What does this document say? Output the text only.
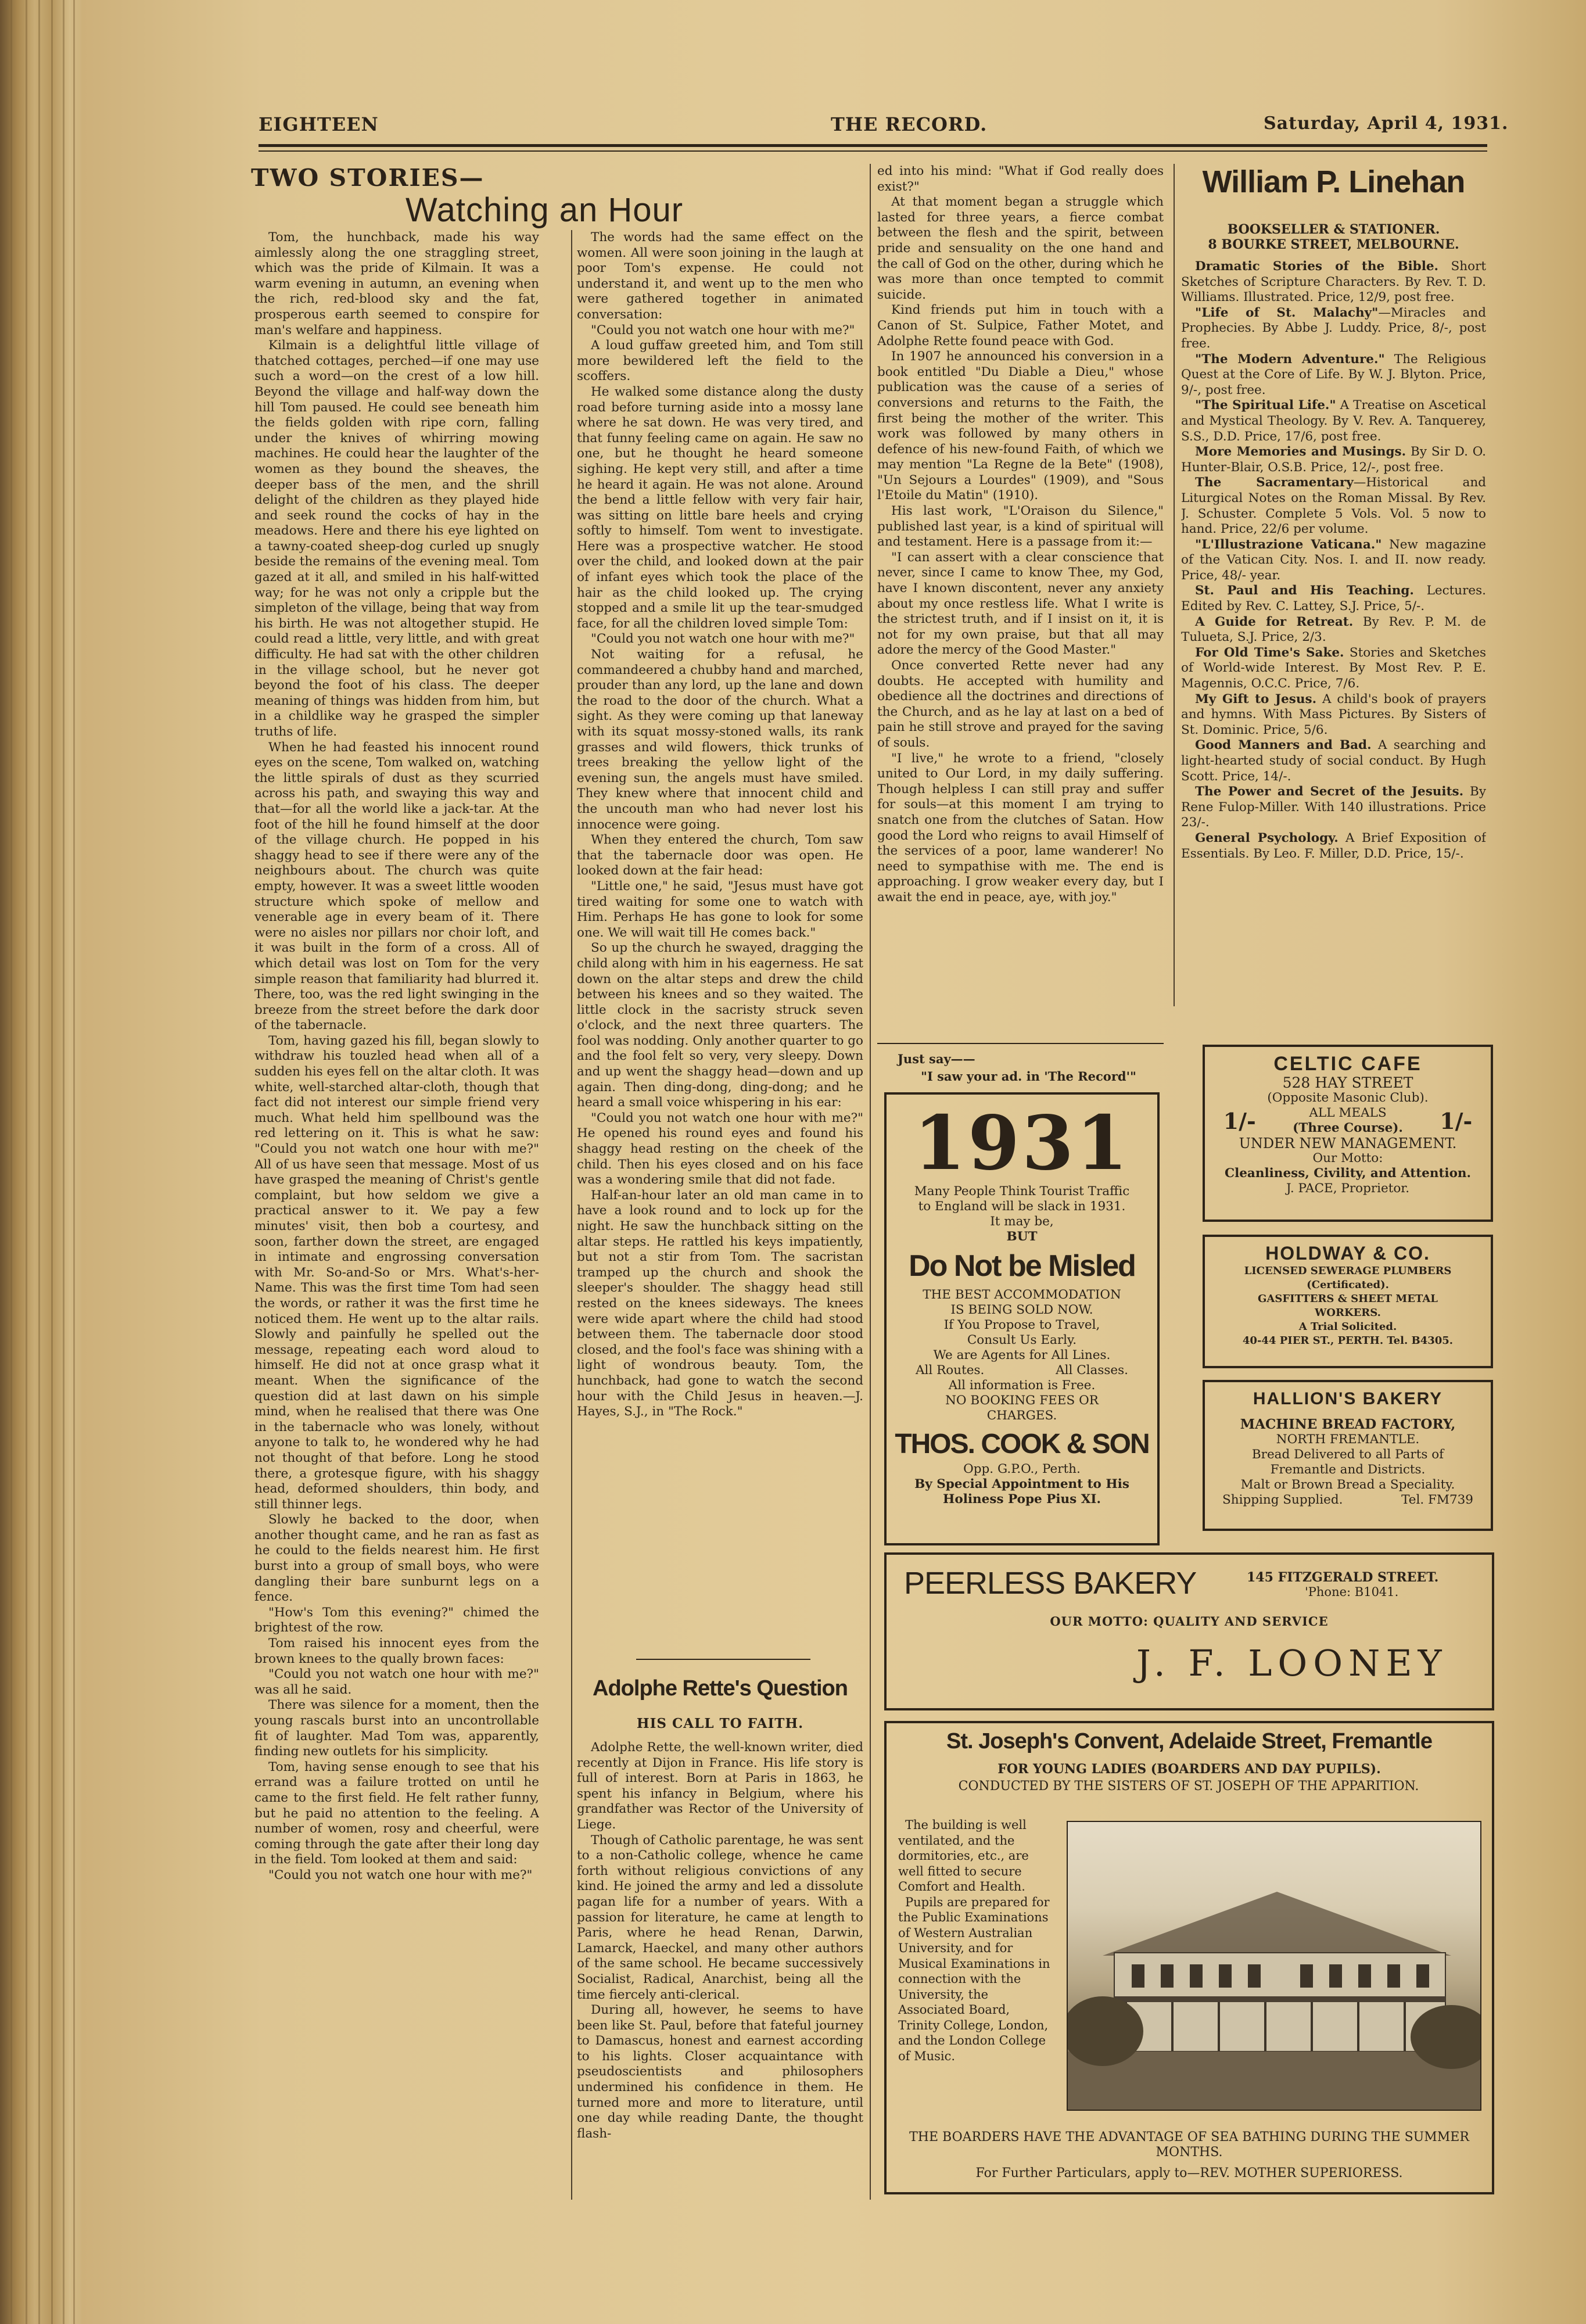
EIGHTEEN	THE RECORD.	Saturday, April 4, 1931.
TWO STORIES—
Watching an Hour

Tom, the hunchback, made his way aimlessly along the one straggling street, which was the pride of Kilmain. It was a warm evening in autumn, an evening when the rich, red-blood sky and the fat, prosperous earth seemed to conspire for man's welfare and happiness.

Kilmain is a delightful little village of thatched cottages, perched—if one may use such a word—on the crest of a low hill. Beyond the village and half-way down the hill Tom paused. He could see beneath him the fields golden with ripe corn, falling under the knives of whirring mowing machines. He could hear the laughter of the women as they bound the sheaves, the deeper bass of the men, and the shrill delight of the children as they played hide and seek round the cocks of hay in the meadows. Here and there his eye lighted on a tawny-coated sheep-dog curled up snugly beside the remains of the evening meal. Tom gazed at it all, and smiled in his half-witted way; for he was not only a cripple but the simpleton of the village, being that way from his birth. He was not altogether stupid. He could read a little, very little, and with great difficulty. He had sat with the other children in the village school, but he never got beyond the foot of his class. The deeper meaning of things was hidden from him, but in a childlike way he grasped the simpler truths of life.

When he had feasted his innocent round eyes on the scene, Tom walked on, watching the little spirals of dust as they scurried across his path, and swaying this way and that—for all the world like a jack-tar. At the foot of the hill he found himself at the door of the village church. He popped in his shaggy head to see if there were any of the neighbours about. The church was quite empty, however. It was a sweet little wooden structure which spoke of mellow and venerable age in every beam of it. There were no aisles nor pillars nor choir loft, and it was built in the form of a cross. All of which detail was lost on Tom for the very simple reason that familiarity had blurred it. There, too, was the red light swinging in the breeze from the street before the dark door of the tabernacle.

Tom, having gazed his fill, began slowly to withdraw his touzled head when all of a sudden his eyes fell on the altar cloth. It was white, well-starched altar-cloth, though that fact did not interest our simple friend very much. What held him spellbound was the red lettering on it. This is what he saw: "Could you not watch one hour with me?" All of us have seen that message. Most of us have grasped the meaning of Christ's gentle complaint, but how seldom we give a practical answer to it. We pay a few minutes' visit, then bob a courtesy, and soon, farther down the street, are engaged in intimate and engrossing conversation with Mr. So-and-So or Mrs. What's-her-Name. This was the first time Tom had seen the words, or rather it was the first time he noticed them. He went up to the altar rails. Slowly and painfully he spelled out the message, repeating each word aloud to himself. He did not at once grasp what it meant. When the significance of the question did at last dawn on his simple mind, when he realised that there was One in the tabernacle who was lonely, without anyone to talk to, he wondered why he had not thought of that before. Long he stood there, a grotesque figure, with his shaggy head, deformed shoulders, thin body, and still thinner legs.

Slowly he backed to the door, when another thought came, and he ran as fast as he could to the fields nearest him. He first burst into a group of small boys, who were dangling their bare sunburnt legs on a fence.

"How's Tom this evening?" chimed the brightest of the row.

Tom raised his innocent eyes from the brown knees to the qually brown faces:

"Could you not watch one hour with me?" was all he said.

There was silence for a moment, then the young rascals burst into an uncontrollable fit of laughter. Mad Tom was, apparently, finding new outlets for his simplicity.

Tom, having sense enough to see that his errand was a failure trotted on until he came to the first field. He felt rather funny, but he paid no attention to the feeling. A number of women, rosy and cheerful, were coming through the gate after their long day in the field. Tom looked at them and said:

"Could you not watch one hour with me?"

The words had the same effect on the women. All were soon joining in the laugh at poor Tom's expense. He could not understand it, and went up to the men who were gathered together in animated conversation:

"Could you not watch one hour with me?"

A loud guffaw greeted him, and Tom still more bewildered left the field to the scoffers.

He walked some distance along the dusty road before turning aside into a mossy lane where he sat down. He was very tired, and that funny feeling came on again. He saw no one, but he thought he heard someone sighing. He kept very still, and after a time he heard it again. He was not alone. Around the bend a little fellow with very fair hair, was sitting on little bare heels and crying softly to himself. Tom went to investigate. Here was a prospective watcher. He stood over the child, and looked down at the pair of infant eyes which took the place of the hair as the child looked up. The crying stopped and a smile lit up the tear-smudged face, for all the children loved simple Tom:

"Could you not watch one hour with me?"

Not waiting for a refusal, he commandeered a chubby hand and marched, prouder than any lord, up the lane and down the road to the door of the church. What a sight. As they were coming up that laneway with its squat mossy-stoned walls, its rank grasses and wild flowers, thick trunks of trees breaking the yellow light of the evening sun, the angels must have smiled. They knew where that innocent child and the uncouth man who had never lost his innocence were going.

When they entered the church, Tom saw that the tabernacle door was open. He looked down at the fair head:

"Little one," he said, "Jesus must have got tired waiting for some one to watch with Him. Perhaps He has gone to look for some one. We will wait till He comes back."

So up the church he swayed, dragging the child along with him in his eagerness. He sat down on the altar steps and drew the child between his knees and so they waited. The little clock in the sacristy struck seven o'clock, and the next three quarters. The fool was nodding. Only another quarter to go and the fool felt so very, very sleepy. Down and up went the shaggy head—down and up again. Then ding-dong, ding-dong; and he heard a small voice whispering in his ear:

"Could you not watch one hour with me?" He opened his round eyes and found his shaggy head resting on the cheek of the child. Then his eyes closed and on his face was a wondering smile that did not fade.

Half-an-hour later an old man came in to have a look round and to lock up for the night. He saw the hunchback sitting on the altar steps. He rattled his keys impatiently, but not a stir from Tom. The sacristan tramped up the church and shook the sleeper's shoulder. The shaggy head still rested on the knees sideways. The knees were wide apart where the child had stood between them. The tabernacle door stood closed, and the fool's face was shining with a light of wondrous beauty. Tom, the hunchback, had gone to watch the second hour with the Child Jesus in heaven.—J. Hayes, S.J., in "The Rock."

Adolphe Rette's Question
HIS CALL TO FAITH.

Adolphe Rette, the well-known writer, died recently at Dijon in France. His life story is full of interest. Born at Paris in 1863, he spent his infancy in Belgium, where his grandfather was Rector of the University of Liege.

Though of Catholic parentage, he was sent to a non-Catholic college, whence he came forth without religious convictions of any kind. He joined the army and led a dissolute pagan life for a number of years. With a passion for literature, he came at length to Paris, where he head Renan, Darwin, Lamarck, Haeckel, and many other authors of the same school. He became successively Socialist, Radical, Anarchist, being all the time fiercely anti-clerical.

During all, however, he seems to have been like St. Paul, before that fateful journey to Damascus, honest and earnest according to his lights. Closer acquaintance with pseudoscientists and philosophers undermined his confidence in them. He turned more and more to literature, until one day while reading Dante, the thought flash-

ed into his mind: "What if God really does exist?"

At that moment began a struggle which lasted for three years, a fierce combat between the flesh and the spirit, between pride and sensuality on the one hand and the call of God on the other, during which he was more than once tempted to commit suicide.

Kind friends put him in touch with a Canon of St. Sulpice, Father Motet, and Adolphe Rette found peace with God.

In 1907 he announced his conversion in a book entitled "Du Diable a Dieu," whose publication was the cause of a series of conversions and returns to the Faith, the first being the mother of the writer. This work was followed by many others in defence of his new-found Faith, of which we may mention "La Regne de la Bete" (1908), "Un Sejours a Lourdes" (1909), and "Sous l'Etoile du Matin" (1910).

His last work, "L'Oraison du Silence," published last year, is a kind of spiritual will and testament. Here is a passage from it:—

"I can assert with a clear conscience that never, since I came to know Thee, my God, have I known discontent, never any anxiety about my once restless life. What I write is the strictest truth, and if I insist on it, it is not for my own praise, but that all may adore the mercy of the Good Master."

Once converted Rette never had any doubts. He accepted with humility and obedience all the doctrines and directions of the Church, and as he lay at last on a bed of pain he still strove and prayed for the saving of souls.

"I live," he wrote to a friend, "closely united to Our Lord, in my daily suffering. Though helpless I can still pray and suffer for souls—at this moment I am trying to snatch one from the clutches of Satan. How good the Lord who reigns to avail Himself of the services of a poor, lame wanderer! No need to sympathise with me. The end is approaching. I grow weaker every day, but I await the end in peace, aye, with joy."

Just say——
"I saw your ad. in 'The Record'"
1931
Many People Think Tourist Traffic
to England will be slack in 1931.
It may be,
BUT
Do Not be Misled
THE BEST ACCOMMODATION
IS BEING SOLD NOW.
If You Propose to Travel,
Consult Us Early.
We are Agents for All Lines.
All Routes.	All Classes.
All information is Free.
NO BOOKING FEES OR
CHARGES.
THOS. COOK & SON
Opp. G.P.O., Perth.
By Special Appointment to His
Holiness Pope Pius XI.
William P. Linehan
BOOKSELLER & STATIONER.
8 BOURKE STREET, MELBOURNE.

Dramatic Stories of the Bible. Short Sketches of Scripture Characters. By Rev. T. D. Williams. Illustrated. Price, 12/9, post free.

"Life of St. Malachy"—Miracles and Prophecies. By Abbe J. Luddy. Price, 8/-, post free.

"The Modern Adventure." The Religious Quest at the Core of Life. By W. J. Blyton. Price, 9/-, post free.

"The Spiritual Life." A Treatise on Ascetical and Mystical Theology. By V. Rev. A. Tanquerey, S.S., D.D. Price, 17/6, post free.

More Memories and Musings. By Sir D. O. Hunter-Blair, O.S.B. Price, 12/-, post free.

The Sacramentary—Historical and Liturgical Notes on the Roman Missal. By Rev. J. Schuster. Complete 5 Vols. Vol. 5 now to hand. Price, 22/6 per volume.

"L'Illustrazione Vaticana." New magazine of the Vatican City. Nos. I. and II. now ready. Price, 48/- year.

St. Paul and His Teaching. Lectures. Edited by Rev. C. Lattey, S.J. Price, 5/-.

A Guide for Retreat. By Rev. P. M. de Tulueta, S.J. Price, 2/3.

For Old Time's Sake. Stories and Sketches of World-wide Interest. By Most Rev. P. E. Magennis, O.C.C. Price, 7/6.

My Gift to Jesus. A child's book of prayers and hymns. With Mass Pictures. By Sisters of St. Dominic. Price, 5/6.

Good Manners and Bad. A searching and light-hearted study of social conduct. By Hugh Scott. Price, 14/-.

The Power and Secret of the Jesuits. By Rene Fulop-Miller. With 140 illustrations. Price 23/-.

General Psychology. A Brief Exposition of Essentials. By Leo. F. Miller, D.D. Price, 15/-.

CELTIC CAFE
528 HAY STREET
(Opposite Masonic Club).
1/-	ALL MEALS
(Three Course). 1/-
UNDER NEW MANAGEMENT.
Our Motto:
Cleanliness, Civility, and Attention.
J. PACE, Proprietor.
HOLDWAY & CO.
LICENSED SEWERAGE PLUMBERS
(Certificated).
GASFITTERS & SHEET METAL
WORKERS.
A Trial Solicited.
40-44 PIER ST., PERTH. Tel. B4305.
HALLION'S BAKERY
MACHINE BREAD FACTORY,
NORTH FREMANTLE.
Bread Delivered to all Parts of
Fremantle and Districts.
Malt or Brown Bread a Speciality.
Shipping Supplied.	Tel. FM739
PEERLESS BAKERY	145 FITZGERALD STREET.
'Phone: B1041.
OUR MOTTO: QUALITY AND SERVICE
J. F. LOONEY
St. Joseph's Convent, Adelaide Street, Fremantle
FOR YOUNG LADIES (BOARDERS AND DAY PUPILS).
CONDUCTED BY THE SISTERS OF ST. JOSEPH OF THE APPARITION.

The building is well ventilated, and the dormitories, etc., are well fitted to secure Comfort and Health.

Pupils are prepared for the Public Examinations of Western Australian University, and for Musical Examinations in connection with the University, the Associated Board, Trinity College, London, and the London College of Music.

THE BOARDERS HAVE THE ADVANTAGE OF SEA BATHING DURING THE SUMMER MONTHS.
For Further Particulars, apply to—REV. MOTHER SUPERIORESS.
